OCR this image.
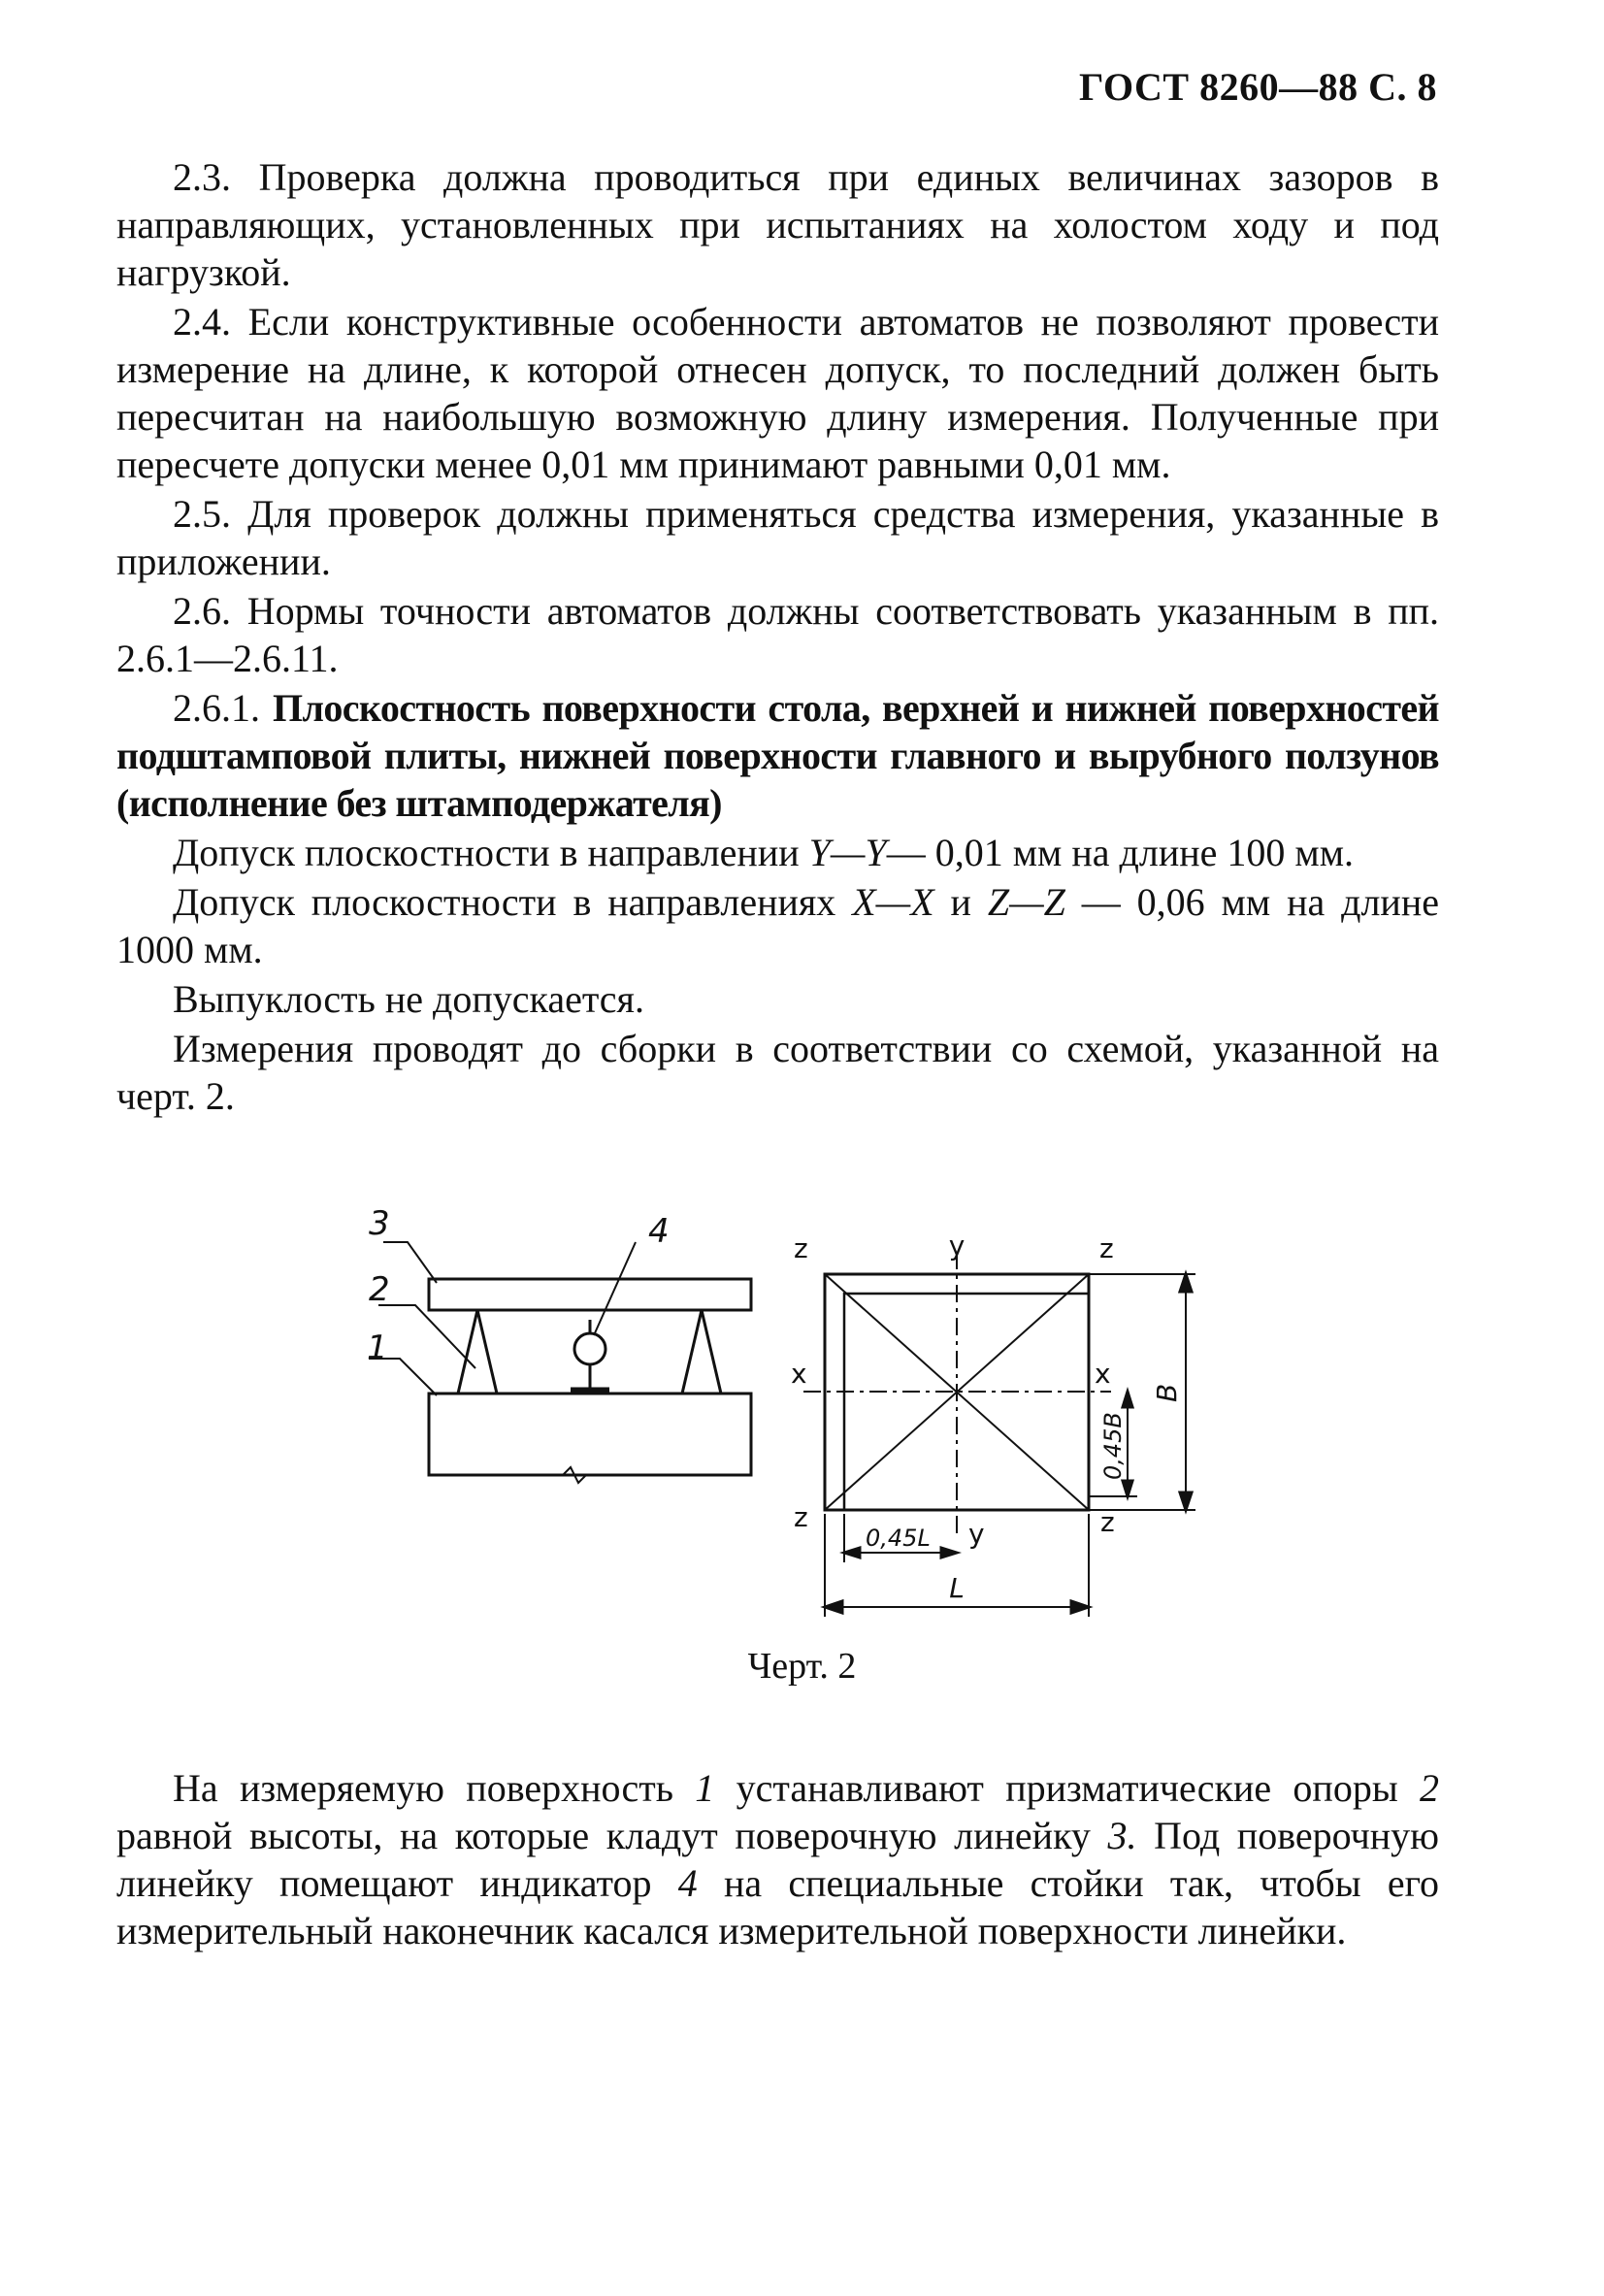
ГОСТ 8260—88 С. 8

2.3. Проверка должна проводиться при единых величинах зазоров в направляющих, установленных при испытаниях на холостом ходу и под нагрузкой.

2.4. Если конструктивные особенности автоматов не позволяют провести измерение на длине, к которой отнесен допуск, то последний должен быть пересчитан на наибольшую возможную длину измерения. Полученные при пересчете допуски менее 0,01 мм принимают равными 0,01 мм.

2.5. Для проверок должны применяться средства измерения, указанные в приложении.

2.6. Нормы точности автоматов должны соответствовать указанным в пп. 2.6.1—2.6.11.

2.6.1. Плоскостность поверхности стола, верхней и нижней поверхностей подштамповой плиты, нижней поверхности главного и вырубного ползунов (исполнение без штамподержателя)

Допуск плоскостности в направлении Y—Y— 0,01 мм на длине 100 мм.

Допуск плоскостности в направлениях X—X и Z—Z — 0,06 мм на длине 1000 мм.

Выпуклость не допускается.

Измерения проводят до сборки в соответствии со схемой, указанной на черт. 2.

z	y	z
x	x
z
y	z
0,45L
L
0,45B
B
3	4
2
1
Черт. 2

На измеряемую поверхность 1 устанавливают призматические опоры 2 равной высоты, на которые кладут поверочную линейку 3. Под поверочную линейку помещают индикатор 4 на специальные стойки так, чтобы его измерительный наконечник касался измерительной поверхности линейки.
